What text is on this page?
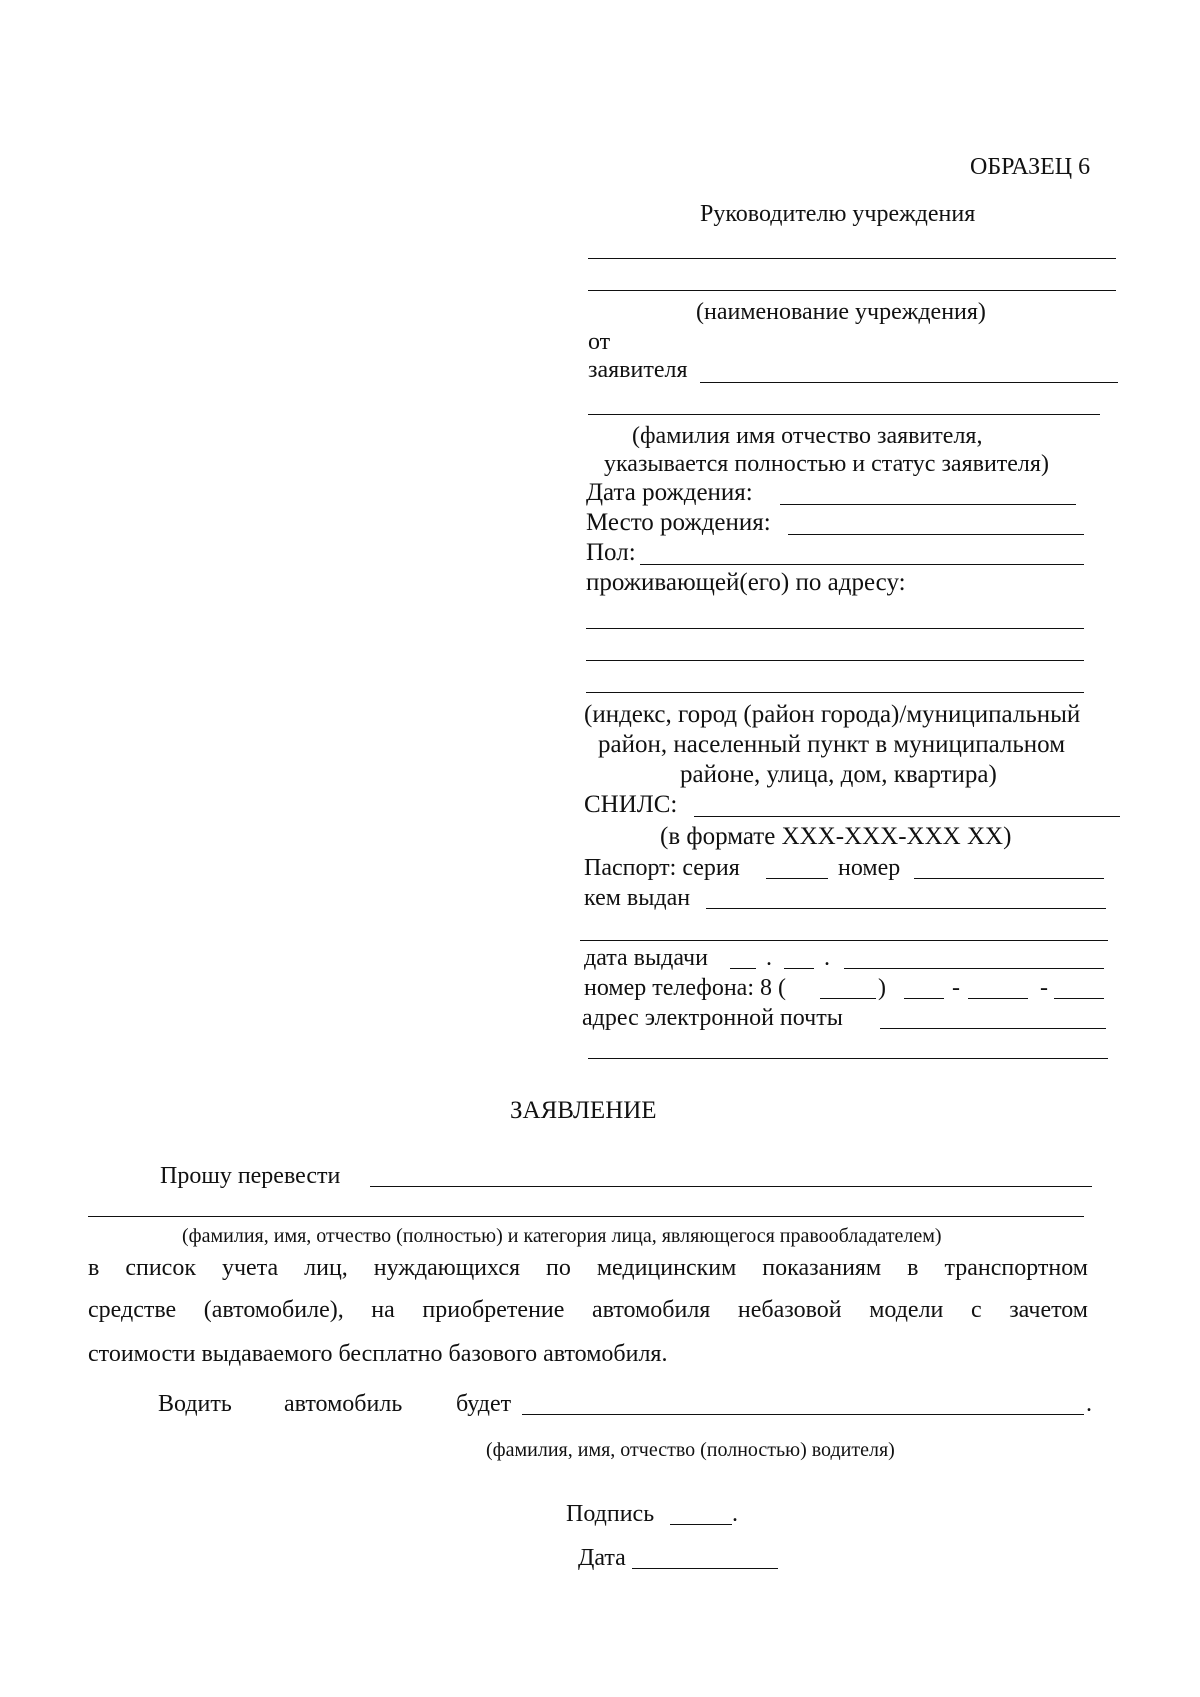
ОБРАЗЕЦ 6
Руководителю учреждения
(наименование учреждения)
от
заявителя
(фамилия имя отчество заявителя,
указывается полностью и статус заявителя)
Дата рождения:
Место рождения:
Пол:
проживающей(его) по адресу:
(индекс, город (район города)/муниципальный
район, населенный пункт в муниципальном
районе, улица, дом, квартира)
СНИЛС:
(в формате XXX-XXX-XXX XX)
Паспорт: серия	номер
кем выдан
дата выдачи . .
номер телефона: 8 (	)	-	-
адрес электронной почты
ЗАЯВЛЕНИЕ
Прошу перевести
(фамилия, имя, отчество (полностью) и категория лица, являющегося правообладателем)
в список учета лиц, нуждающихся по медицинским показаниям в транспортном
средстве (автомобиле), на приобретение автомобиля небазовой модели с зачетом
стоимости выдаваемого бесплатно базового автомобиля.
Водить автомобиль будет	.
(фамилия, имя, отчество (полностью) водителя)
Подпись	.
Дата
